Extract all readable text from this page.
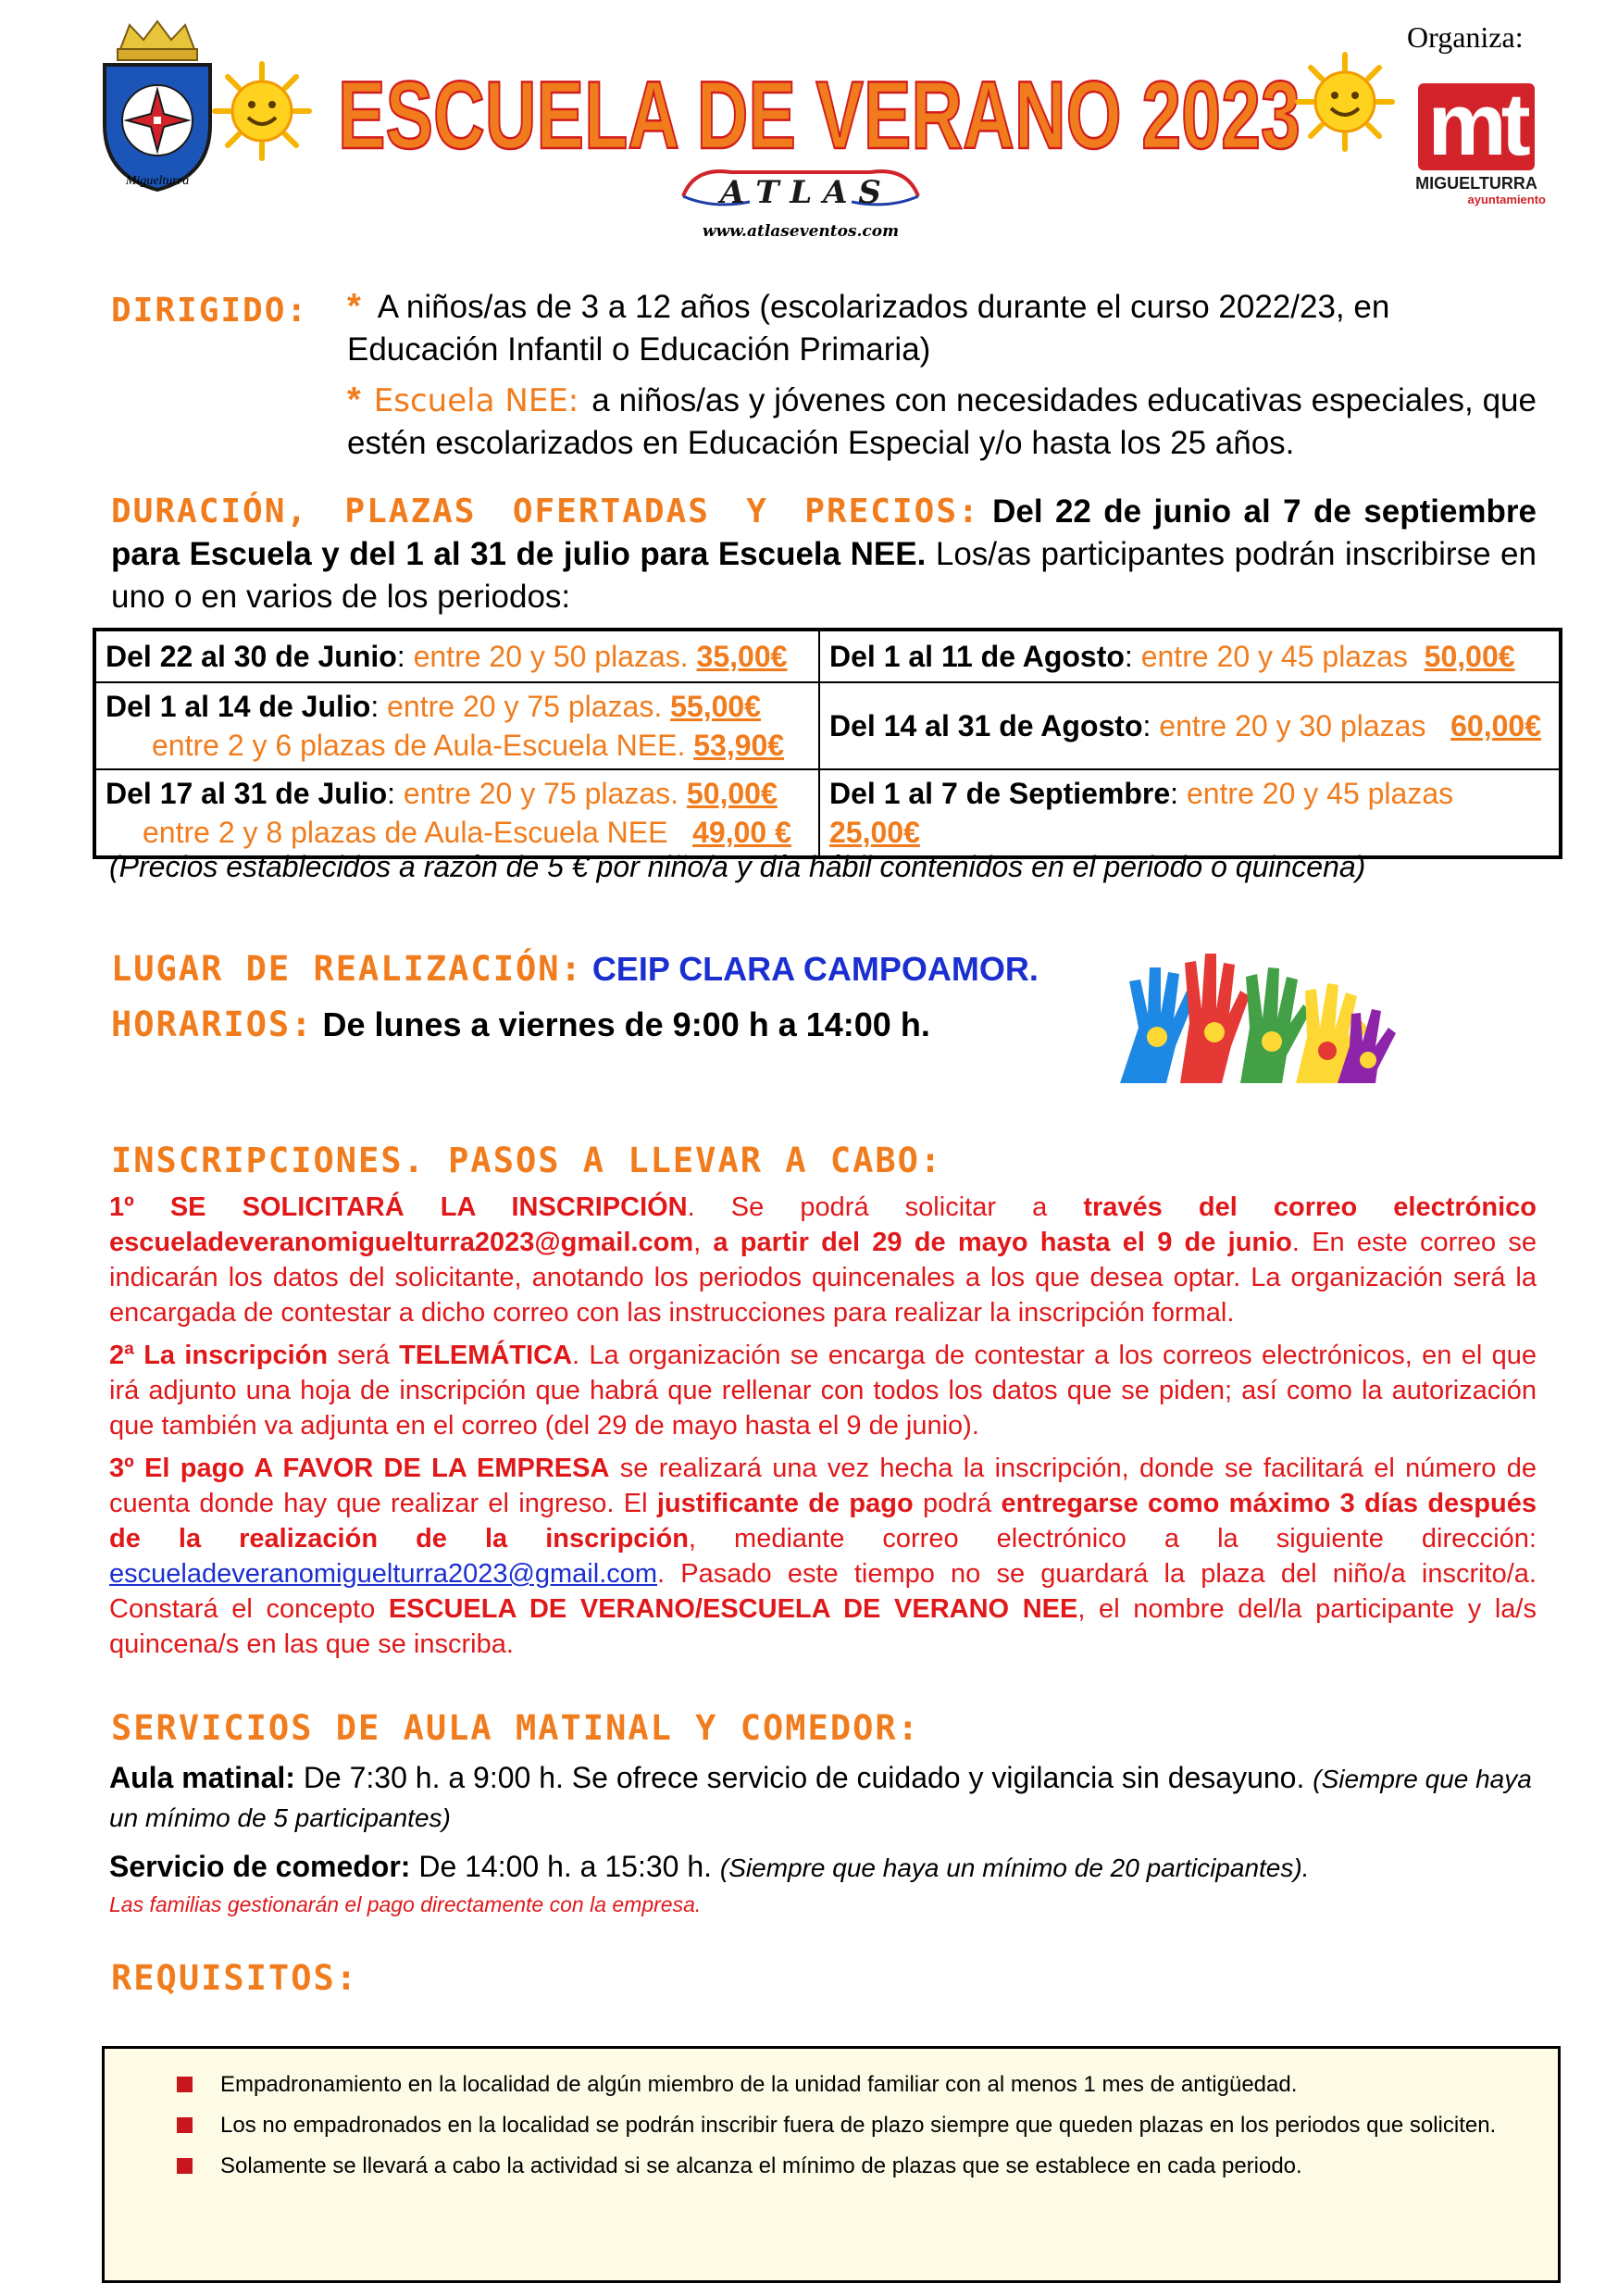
Miguelturra
ESCUELA DE VERANO 2023
Organiza:
mt
MIGUELTURRA
ayuntamiento
A T L A S
www.atlaseventos.com
DIRIGIDO: * A niños/as de 3 a 12 años (escolarizados durante el curso 2022/23, en Educación Infantil o Educación Primaria)
* Escuela NEE: a niños/as y jóvenes con necesidades educativas especiales, que estén escolarizados en Educación Especial y/o hasta los 25 años.
DURACIÓN, PLAZAS OFERTADAS Y PRECIOS: Del 22 de junio al 7 de septiembre para Escuela y del 1 al 31 de julio para Escuela NEE. Los/as participantes podrán inscribirse en uno o en varios de los periodos:
Del 22 al 30 de Junio: entre 20 y 50 plazas. 35,00€	Del 1 al 11 de Agosto: entre 20 y 45 plazas 50,00€

Del 1 al 14 de Julio: entre 20 y 75 plazas. 55,00€
entre 2 y 6 plazas de Aula-Escuela NEE. 53,90€	Del 14 al 31 de Agosto: entre 20 y 30 plazas 60,00€

Del 17 al 31 de Julio: entre 20 y 75 plazas. 50,00€
entre 2 y 8 plazas de Aula-Escuela NEE 49,00 €	Del 1 al 7 de Septiembre: entre 20 y 45 plazas 25,00€
(Precios establecidos a razón de 5 € por niño/a y día hábil contenidos en el periodo o quincena)
LUGAR DE REALIZACIÓN: CEIP CLARA CAMPOAMOR.
HORARIOS: De lunes a viernes de 9:00 h a 14:00 h.
INSCRIPCIONES. PASOS A LLEVAR A CABO:

1º SE SOLICITARÁ LA INSCRIPCIÓN. Se podrá solicitar a través del correo electrónico escueladeveranomiguelturra2023@gmail.com, a partir del 29 de mayo hasta el 9 de junio. En este correo se indicarán los datos del solicitante, anotando los periodos quincenales a los que desea optar. La organización será la encargada de contestar a dicho correo con las instrucciones para realizar la inscripción formal.

2ª La inscripción será TELEMÁTICA. La organización se encarga de contestar a los correos electrónicos, en el que irá adjunto una hoja de inscripción que habrá que rellenar con todos los datos que se piden; así como la autorización que también va adjunta en el correo (del 29 de mayo hasta el 9 de junio).

3º El pago A FAVOR DE LA EMPRESA se realizará una vez hecha la inscripción, donde se facilitará el número de cuenta donde hay que realizar el ingreso. El justificante de pago podrá entregarse como máximo 3 días después de la realización de la inscripción, mediante correo electrónico a la siguiente dirección: escueladeveranomiguelturra2023@gmail.com. Pasado este tiempo no se guardará la plaza del niño/a inscrito/a. Constará el concepto ESCUELA DE VERANO/ESCUELA DE VERANO NEE, el nombre del/la participante y la/s quincena/s en las que se inscriba.

SERVICIOS DE AULA MATINAL Y COMEDOR:
Aula matinal: De 7:30 h. a 9:00 h. Se ofrece servicio de cuidado y vigilancia sin desayuno. (Siempre que haya un mínimo de 5 participantes)
Servicio de comedor: De 14:00 h. a 15:30 h. (Siempre que haya un mínimo de 20 participantes).
Las familias gestionarán el pago directamente con la empresa.
REQUISITOS:
Empadronamiento en la localidad de algún miembro de la unidad familiar con al menos 1 mes de antigüedad.
Los no empadronados en la localidad se podrán inscribir fuera de plazo siempre que queden plazas en los periodos que soliciten.
Solamente se llevará a cabo la actividad si se alcanza el mínimo de plazas que se establece en cada periodo.
